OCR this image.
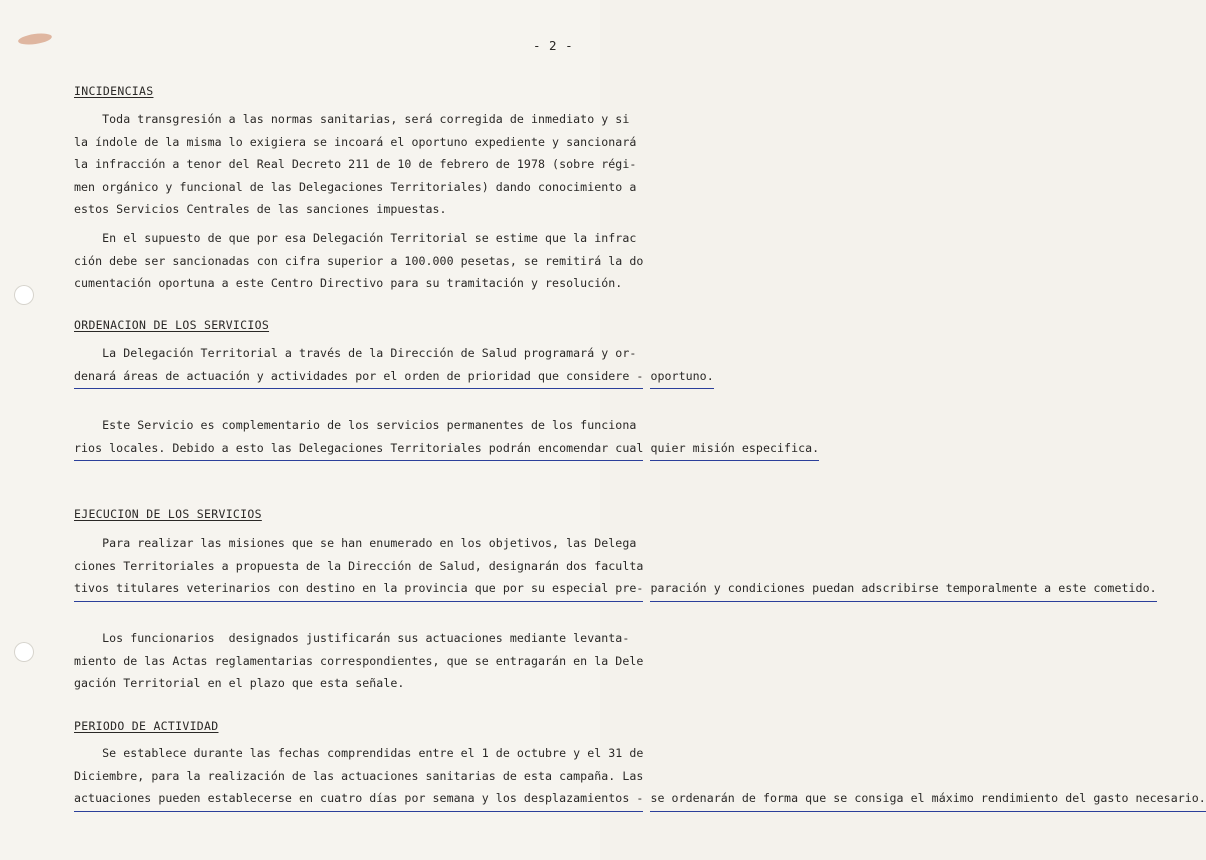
- 2 -
INCIDENCIAS
Toda transgresión a las normas sanitarias, será corregida de inmediato y si
la índole de la misma lo exigiera se incoará el oportuno expediente y sancionará
la infracción a tenor del Real Decreto 211 de 10 de febrero de 1978 (sobre régi-
men orgánico y funcional de las Delegaciones Territoriales) dando conocimiento a
estos Servicios Centrales de las sanciones impuestas.
En el supuesto de que por esa Delegación Territorial se estime que la infrac
ción debe ser sancionadas con cifra superior a 100.000 pesetas, se remitirá la do
cumentación oportuna a este Centro Directivo para su tramitación y resolución.
ORDENACION DE LOS SERVICIOS
La Delegación Territorial a través de la Dirección de Salud programará y or-
denará áreas de actuación y actividades por el orden de prioridad que considere - oportuno.
Este Servicio es complementario de los servicios permanentes de los funciona
rios locales. Debido a esto las Delegaciones Territoriales podrán encomendar cual quier misión especifica.
EJECUCION DE LOS SERVICIOS
Para realizar las misiones que se han enumerado en los objetivos, las Delega
ciones Territoriales a propuesta de la Dirección de Salud, designarán dos faculta
tivos titulares veterinarios con destino en la provincia que por su especial pre- paración y condiciones puedan adscribirse temporalmente a este cometido.
Los funcionarios  designados justificarán sus actuaciones mediante levanta-
miento de las Actas reglamentarias correspondientes, que se entragarán en la Dele
gación Territorial en el plazo que esta señale.
PERIODO DE ACTIVIDAD
Se establece durante las fechas comprendidas entre el 1 de octubre y el 31 de
Diciembre, para la realización de las actuaciones sanitarias de esta campaña. Las
actuaciones pueden establecerse en cuatro días por semana y los desplazamientos - se ordenarán de forma que se consiga el máximo rendimiento del gasto necesario.
